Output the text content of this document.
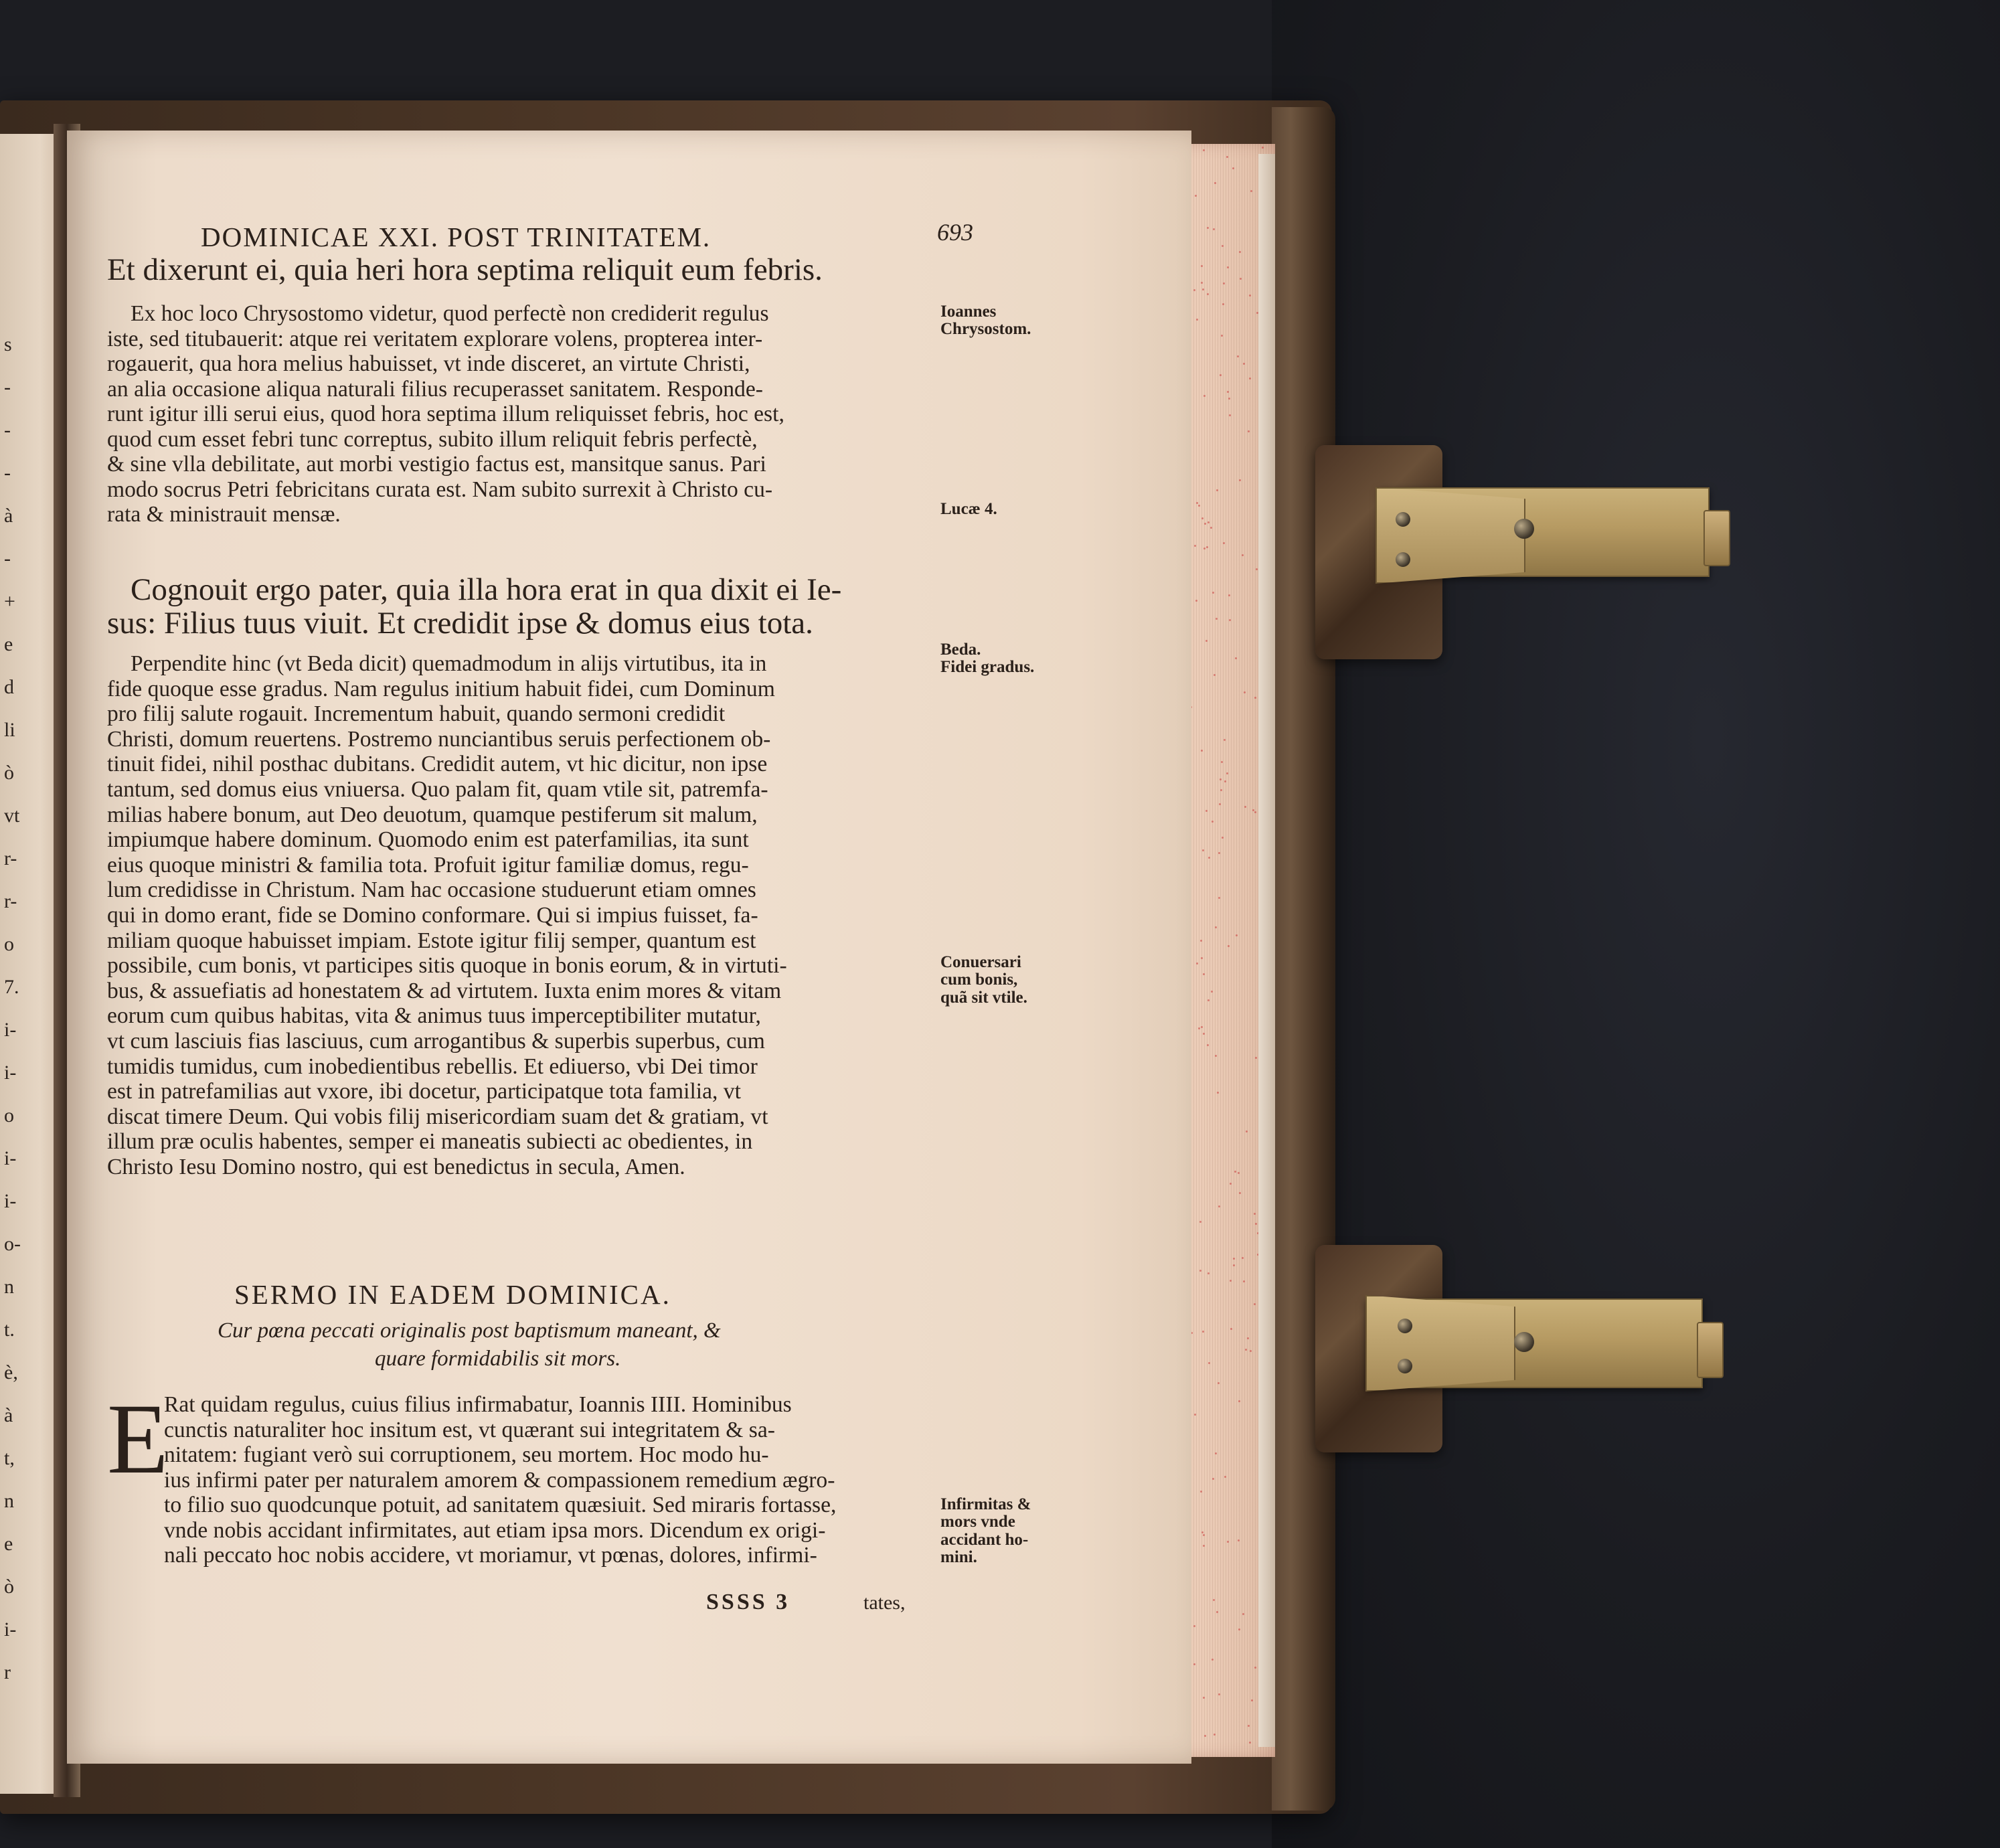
s
-
-
-
à
-
+
e
d
li
ò
vt
r-
r-
o
7.
i-
i-
o
i-
i-
o-
n
t.
è,
à
t,
n
e
ò
i-
r
DOMINICAE XXI. POST TRINITATEM.	693
Et dixerunt ei, quia heri hora septima reliquit eum febris.
Ex hoc loco Chrysostomo videtur, quod perfectè non crediderit regulus
iste, sed titubauerit: atque rei veritatem explorare volens, propterea inter-
rogauerit, qua hora melius habuisset, vt inde disceret, an virtute Christi,
an alia occasione aliqua naturali filius recuperasset sanitatem. Responde-
runt igitur illi serui eius, quod hora septima illum reliquisset febris, hoc est,
quod cum esset febri tunc correptus, subito illum reliquit febris perfectè,
& sine vlla debilitate, aut morbi vestigio factus est, mansitque sanus. Pari
modo socrus Petri febricitans curata est. Nam subito surrexit à Christo cu-
rata & ministrauit mensæ.
Ioannes
Chrysostom.
Lucæ 4.
Cognouit ergo pater, quia illa hora erat in qua dixit ei Ie-
sus: Filius tuus viuit. Et credidit ipse & domus eius tota.
Perpendite hinc (vt Beda dicit) quemadmodum in alijs virtutibus, ita in
fide quoque esse gradus. Nam regulus initium habuit fidei, cum Dominum
pro filij salute rogauit. Incrementum habuit, quando sermoni credidit
Christi, domum reuertens. Postremo nunciantibus seruis perfectionem ob-
tinuit fidei, nihil posthac dubitans. Credidit autem, vt hic dicitur, non ipse
tantum, sed domus eius vniuersa. Quo palam fit, quam vtile sit, patremfa-
milias habere bonum, aut Deo deuotum, quamque pestiferum sit malum,
impiumque habere dominum. Quomodo enim est paterfamilias, ita sunt
eius quoque ministri & familia tota. Profuit igitur familiæ domus, regu-
lum credidisse in Christum. Nam hac occasione studuerunt etiam omnes
qui in domo erant, fide se Domino conformare. Qui si impius fuisset, fa-
miliam quoque habuisset impiam. Estote igitur filij semper, quantum est
possibile, cum bonis, vt participes sitis quoque in bonis eorum, & in virtuti-
bus, & assuefiatis ad honestatem & ad virtutem. Iuxta enim mores & vitam
eorum cum quibus habitas, vita & animus tuus imperceptibiliter mutatur,
vt cum lasciuis fias lasciuus, cum arrogantibus & superbis superbus, cum
tumidis tumidus, cum inobedientibus rebellis. Et ediuerso, vbi Dei timor
est in patrefamilias aut vxore, ibi docetur, participatque tota familia, vt
discat timere Deum. Qui vobis filij misericordiam suam det & gratiam, vt
illum præ oculis habentes, semper ei maneatis subiecti ac obedientes, in
Christo Iesu Domino nostro, qui est benedictus in secula, Amen.
Beda.
Fidei gradus.
Conuersari
cum bonis,
quã sit vtile.
SERMO IN EADEM DOMINICA.
Cur pœna peccati originalis post baptismum maneant, &
quare formidabilis sit mors.
E
Rat quidam regulus, cuius filius infirmabatur, Ioannis IIII. Hominibus
cunctis naturaliter hoc insitum est, vt quærant sui integritatem & sa-
nitatem: fugiant verò sui corruptionem, seu mortem. Hoc modo hu-
ius infirmi pater per naturalem amorem & compassionem remedium ægro-
to filio suo quodcunque potuit, ad sanitatem quæsiuit. Sed miraris fortasse,
vnde nobis accidant infirmitates, aut etiam ipsa mors. Dicendum ex origi-
nali peccato hoc nobis accidere, vt moriamur, vt pœnas, dolores, infirmi-
Infirmitas &
mors vnde
accidant ho-
mini.
SSSS 3	tates,
